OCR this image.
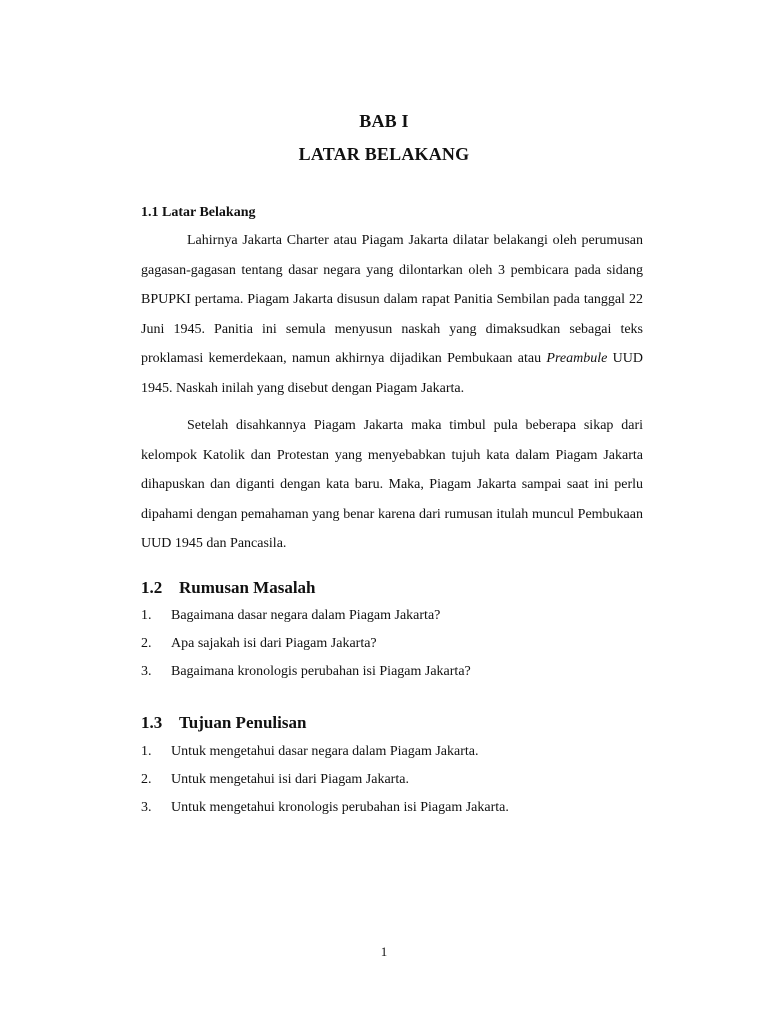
BAB I
LATAR BELAKANG
1.1 Latar Belakang

Lahirnya Jakarta Charter atau Piagam Jakarta dilatar belakangi oleh perumusan gagasan-gagasan tentang dasar negara yang dilontarkan oleh 3 pembicara pada sidang BPUPKI pertama. Piagam Jakarta disusun dalam rapat Panitia Sembilan pada tanggal 22 Juni 1945. Panitia ini semula menyusun naskah yang dimaksudkan sebagai teks proklamasi kemerdekaan, namun akhirnya dijadikan Pembukaan atau Preambule UUD 1945. Naskah inilah yang disebut dengan Piagam Jakarta.

Setelah disahkannya Piagam Jakarta maka timbul pula beberapa sikap dari kelompok Katolik dan Protestan yang menyebabkan tujuh kata dalam Piagam Jakarta dihapuskan dan diganti dengan kata baru. Maka, Piagam Jakarta sampai saat ini perlu dipahami dengan pemahaman yang benar karena dari rumusan itulah muncul Pembukaan UUD 1945 dan Pancasila.

1.2 Rumusan Masalah
1. Bagaimana dasar negara dalam Piagam Jakarta?
2. Apa sajakah isi dari Piagam Jakarta?
3. Bagaimana kronologis perubahan isi Piagam Jakarta?
1.3 Tujuan Penulisan
1. Untuk mengetahui dasar negara dalam Piagam Jakarta.
2. Untuk mengetahui isi dari Piagam Jakarta.
3. Untuk mengetahui kronologis perubahan isi Piagam Jakarta.
1
